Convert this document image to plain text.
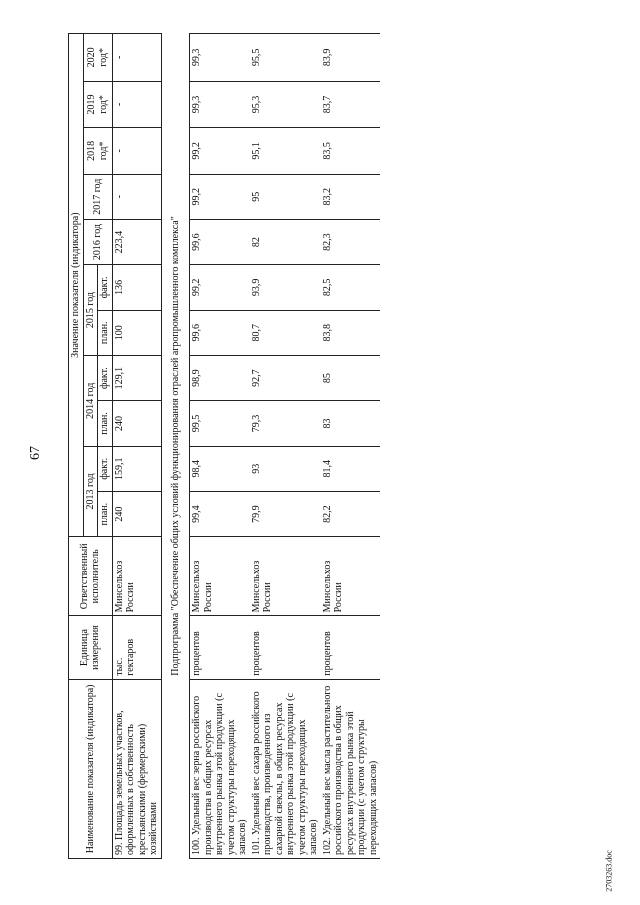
67
2703263.doc
Наименование показателя (индикатора)	Единица измерения	Ответственный исполнитель	Значение показателя (индикатора)										
			2013 год		2014 год		2015 год		2016 год	2017 год	2018 год*	2019 год*	2020 год*
			план.	факт.	план.	факт.	план.	факт.					
99. Площадь земельных участков, оформленных в собственность крестьянскими (фермерскими) хозяйствами	тыс. гектаров	Минсельхоз России	240	159,1	240	129,1	100	136	223,4	-	-	-	-
Подпрограмма "Обеспечение общих условий функционирования отраслей агропромышленного комплекса"													
100. Удельный вес зерна российского производства в общих ресурсах внутреннего рынка этой продукции (с учетом структуры переходящих запасов)	процентов	Минсельхоз России	99,4	98,4	99,5	98,9	99,6	99,2	99,6	99,2	99,2	99,3	99,3
101. Удельный вес сахара российского производства, произведенного из сахарной свеклы, в общих ресурсах внутреннего рынка этой продукции (с учетом структуры переходящих запасов)	процентов	Минсельхоз России	79,9	93	79,3	92,7	80,7	93,9	82	95	95,1	95,3	95,5
102. Удельный вес масла растительного российского производства в общих ресурсах внутреннего рынка этой продукции (с учетом структуры переходящих запасов)	процентов	Минсельхоз России	82,2	81,4	83	85	83,8	82,5	82,3	83,2	83,5	83,7	83,9
